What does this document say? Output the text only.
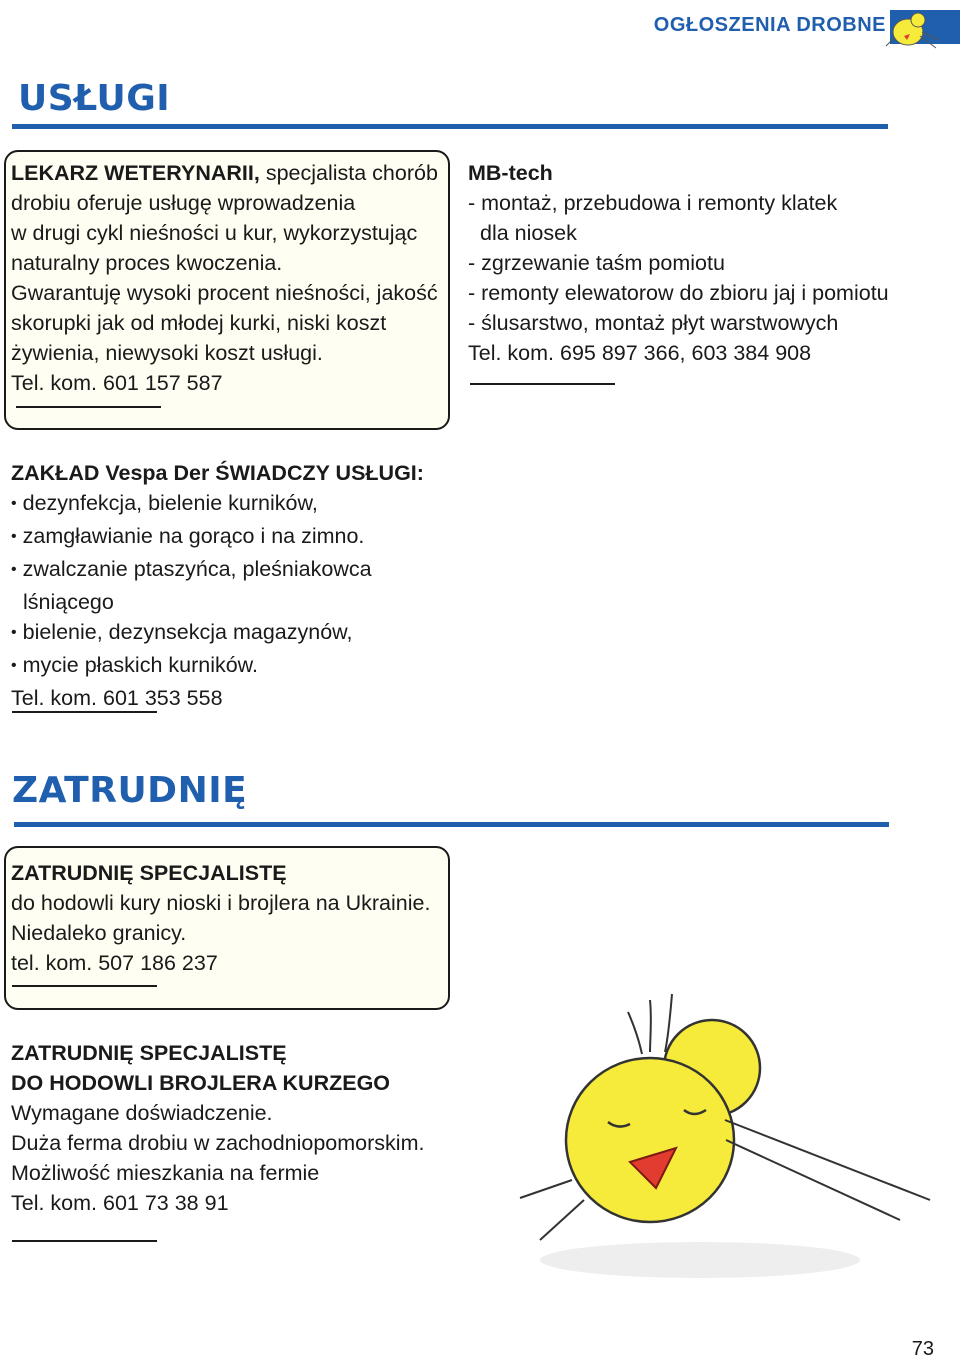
OGŁOSZENIA DROBNE
USŁUGI

LEKARZ WETERYNARII, specjalista chorób

drobiu oferuje usługę wprowadzenia

w drugi cykl nieśności u kur, wykorzystując

naturalny proces kwoczenia.

Gwarantuję wysoki procent nieśności, jakość

skorupki jak od młodej kurki, niski koszt

żywienia, niewysoki koszt usługi.

Tel. kom. 601 157 587

MB-tech

- montaż, przebudowa i remonty klatek

dla niosek

- zgrzewanie taśm pomiotu

- remonty elewatorow do zbioru jaj i pomiotu

- ślusarstwo, montaż płyt warstwowych

Tel. kom. 695 897 366, 603 384 908

ZAKŁAD Vespa Der ŚWIADCZY USŁUGI:

• dezynfekcja, bielenie kurników,

• zamgławianie na gorąco i na zimno.

• zwalczanie ptaszyńca, pleśniakowca

lśniącego

• bielenie, dezynsekcja magazynów,

• mycie płaskich kurników.

Tel. kom. 601 353 558

ZATRUDNIĘ

ZATRUDNIĘ SPECJALISTĘ

do hodowli kury nioski i brojlera na Ukrainie.

Niedaleko granicy.

tel. kom. 507 186 237

ZATRUDNIĘ SPECJALISTĘ

DO HODOWLI BROJLERA KURZEGO

Wymagane doświadczenie.

Duża ferma drobiu w zachodniopomorskim.

Możliwość mieszkania na fermie

Tel. kom. 601 73 38 91

73
